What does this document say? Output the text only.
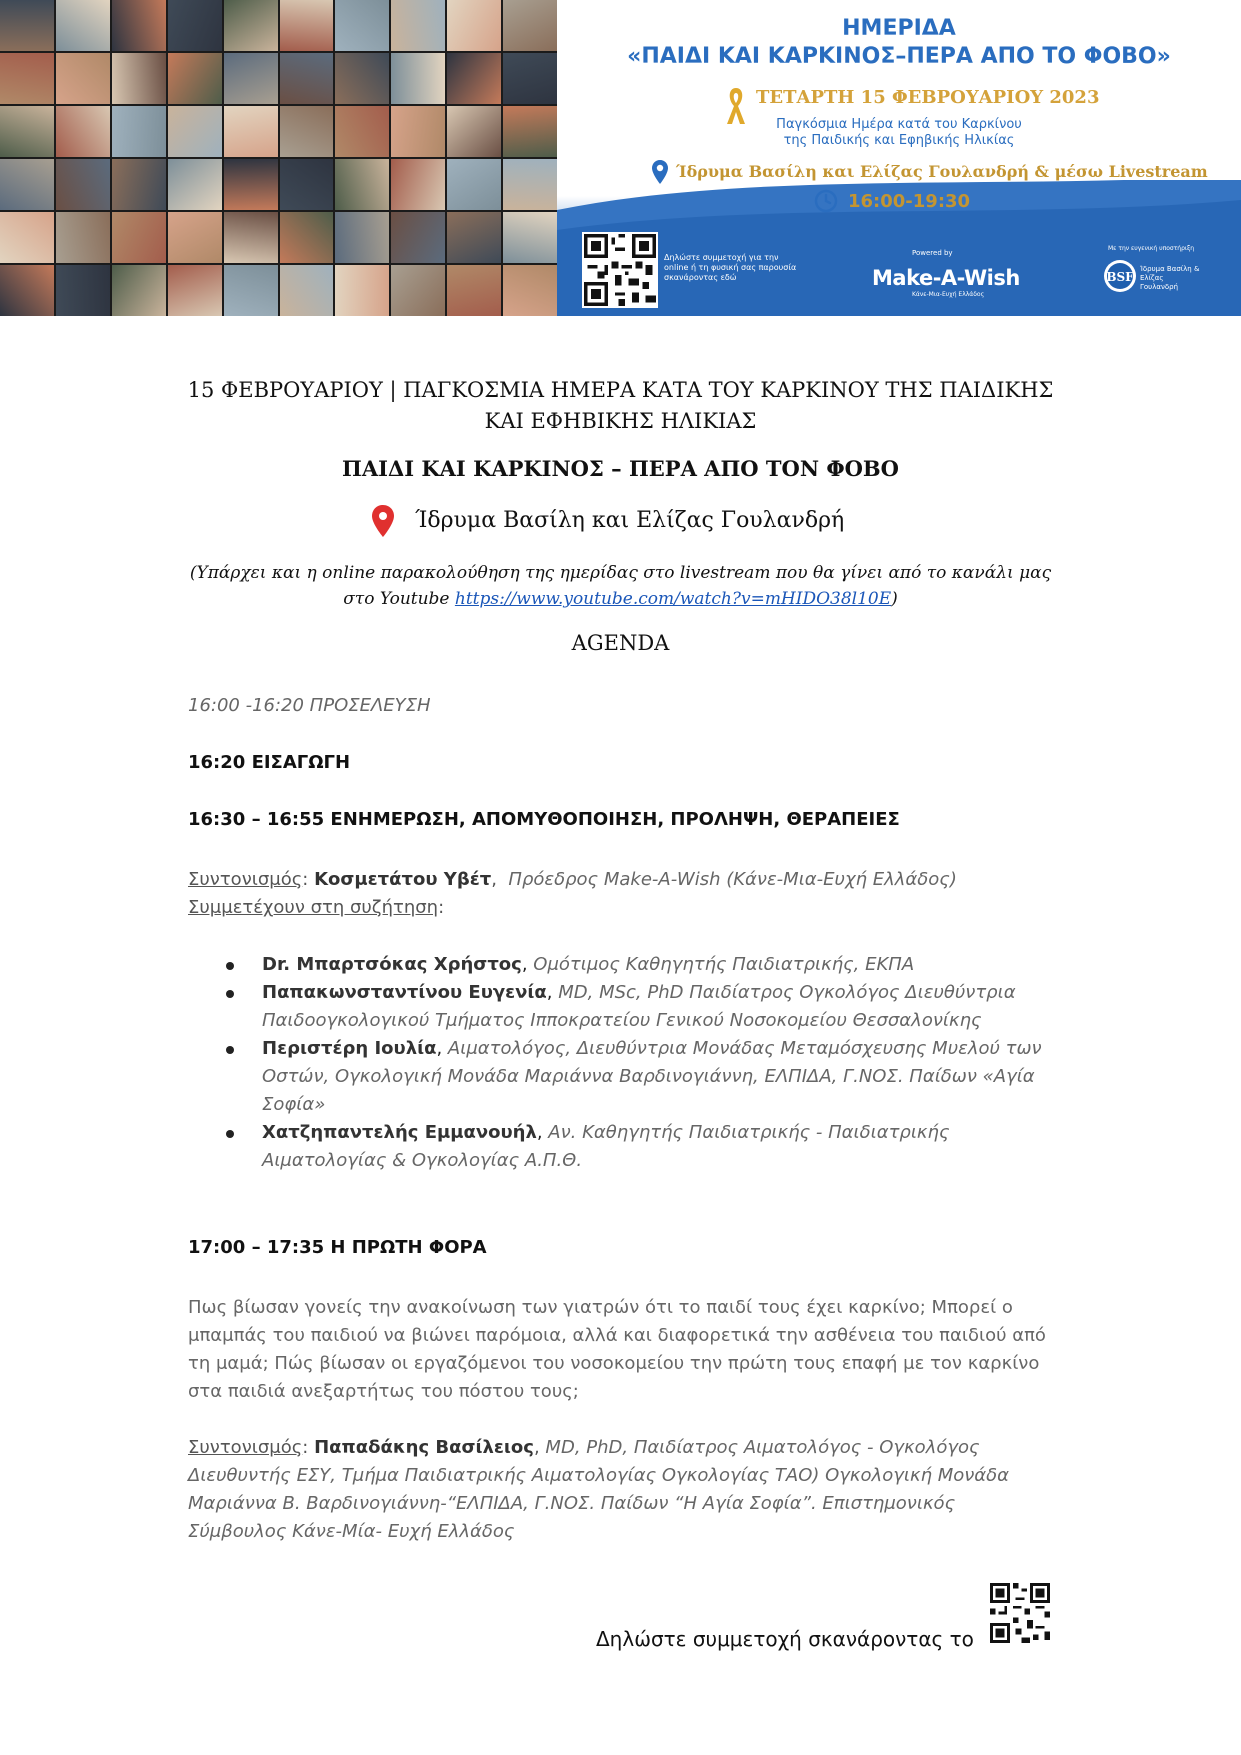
ΗΜΕΡΙΔΑ
«ΠΑΙΔΙ ΚΑΙ ΚΑΡΚΙΝΟΣ–ΠΕΡΑ ΑΠΟ ΤΟ ΦΟΒΟ»
ΤΕΤΑΡΤΗ 15 ΦΕΒΡΟΥΑΡΙΟΥ 2023
Παγκόσμια Ημέρα κατά του Καρκίνου
της Παιδικής και Εφηβικής Ηλικίας
Ίδρυμα Βασίλη και Ελίζας Γουλανδρή & μέσω Livestream
16:00-19:30
Δηλώστε συμμετοχή για την online ή τη φυσική σας παρουσία σκανάροντας εδώ
Powered by
Make-A-Wish
Κάνε-Μια-Ευχή Ελλάδος
Με την ευγενική υποστήριξη
BSF
Ίδρυμα Βασίλη & Ελίζας Γουλανδρή
15 ΦΕΒΡΟΥΑΡΙΟΥ | ΠΑΓΚΟΣΜΙΑ ΗΜΕΡΑ ΚΑΤΑ ΤΟΥ ΚΑΡΚΙΝΟΥ ΤΗΣ ΠΑΙΔΙΚΗΣ
ΚΑΙ ΕΦΗΒΙΚΗΣ ΗΛΙΚΙΑΣ
ΠΑΙΔΙ ΚΑΙ ΚΑΡΚΙΝΟΣ – ΠΕΡΑ ΑΠΟ ΤΟΝ ΦΟΒΟ
Ίδρυμα Βασίλη και Ελίζας Γουλανδρή
(Υπάρχει και η online παρακολούθηση της ημερίδας στο livestream που θα γίνει από το κανάλι μας
στο Youtube https://www.youtube.com/watch?v=mHIDO38l10E)
AGENDA
16:00 -16:20 ΠΡΟΣΕΛΕΥΣΗ
16:20 ΕΙΣΑΓΩΓΗ
16:30 – 16:55 ΕΝΗΜΕΡΩΣΗ, ΑΠΟΜΥΘΟΠΟΙΗΣΗ, ΠΡΟΛΗΨΗ, ΘΕΡΑΠΕΙΕΣ
Συντονισμός: Κοσμετάτου Υβέτ,  Πρόεδρος Make-A-Wish (Κάνε-Μια-Ευχή Ελλάδος)
Συμμετέχουν στη συζήτηση:
Dr. Μπαρτσόκας Χρήστος, Ομότιμος Καθηγητής Παιδιατρικής, ΕΚΠΑ
Παπακωνσταντίνου Ευγενία, MD, MSc, PhD Παιδίατρος Ογκολόγος Διευθύντρια Παιδοογκολογικού Τμήματος Ιπποκρατείου Γενικού Νοσοκομείου Θεσσαλονίκης
Περιστέρη Ιουλία, Αιματολόγος, Διευθύντρια Μονάδας Μεταμόσχευσης Μυελού των Οστών, Ογκολογική Μονάδα Μαριάννα Βαρδινογιάννη, ΕΛΠΙΔΑ, Γ.ΝΟΣ. Παίδων «Αγία Σοφία»
Χατζηπαντελής Εμμανουήλ, Αν. Καθηγητής Παιδιατρικής - Παιδιατρικής Αιματολογίας & Ογκολογίας Α.Π.Θ.
17:00 – 17:35 Η ΠΡΩΤΗ ΦΟΡΑ
Πως βίωσαν γονείς την ανακοίνωση των γιατρών ότι το παιδί τους έχει καρκίνο; Μπορεί ο μπαμπάς του παιδιού να βιώνει παρόμοια, αλλά και διαφορετικά την ασθένεια του παιδιού από τη μαμά; Πώς βίωσαν οι εργαζόμενοι του νοσοκομείου την πρώτη τους επαφή με τον καρκίνο στα παιδιά ανεξαρτήτως του πόστου τους;
Συντονισμός: Παπαδάκης Βασίλειος, MD, PhD, Παιδίατρος Αιματολόγος - Ογκολόγος Διευθυντής ΕΣΥ, Τμήμα Παιδιατρικής Αιματολογίας Ογκολογίας ΤΑΟ) Ογκολογική Μονάδα Μαριάννα Β. Βαρδινογιάννη-“ΕΛΠΙΔΑ, Γ.ΝΟΣ. Παίδων “Η Αγία Σοφία”. Επιστημονικός Σύμβουλος Κάνε-Μία- Ευχή Ελλάδος
Δηλώστε συμμετοχή σκανάροντας το
